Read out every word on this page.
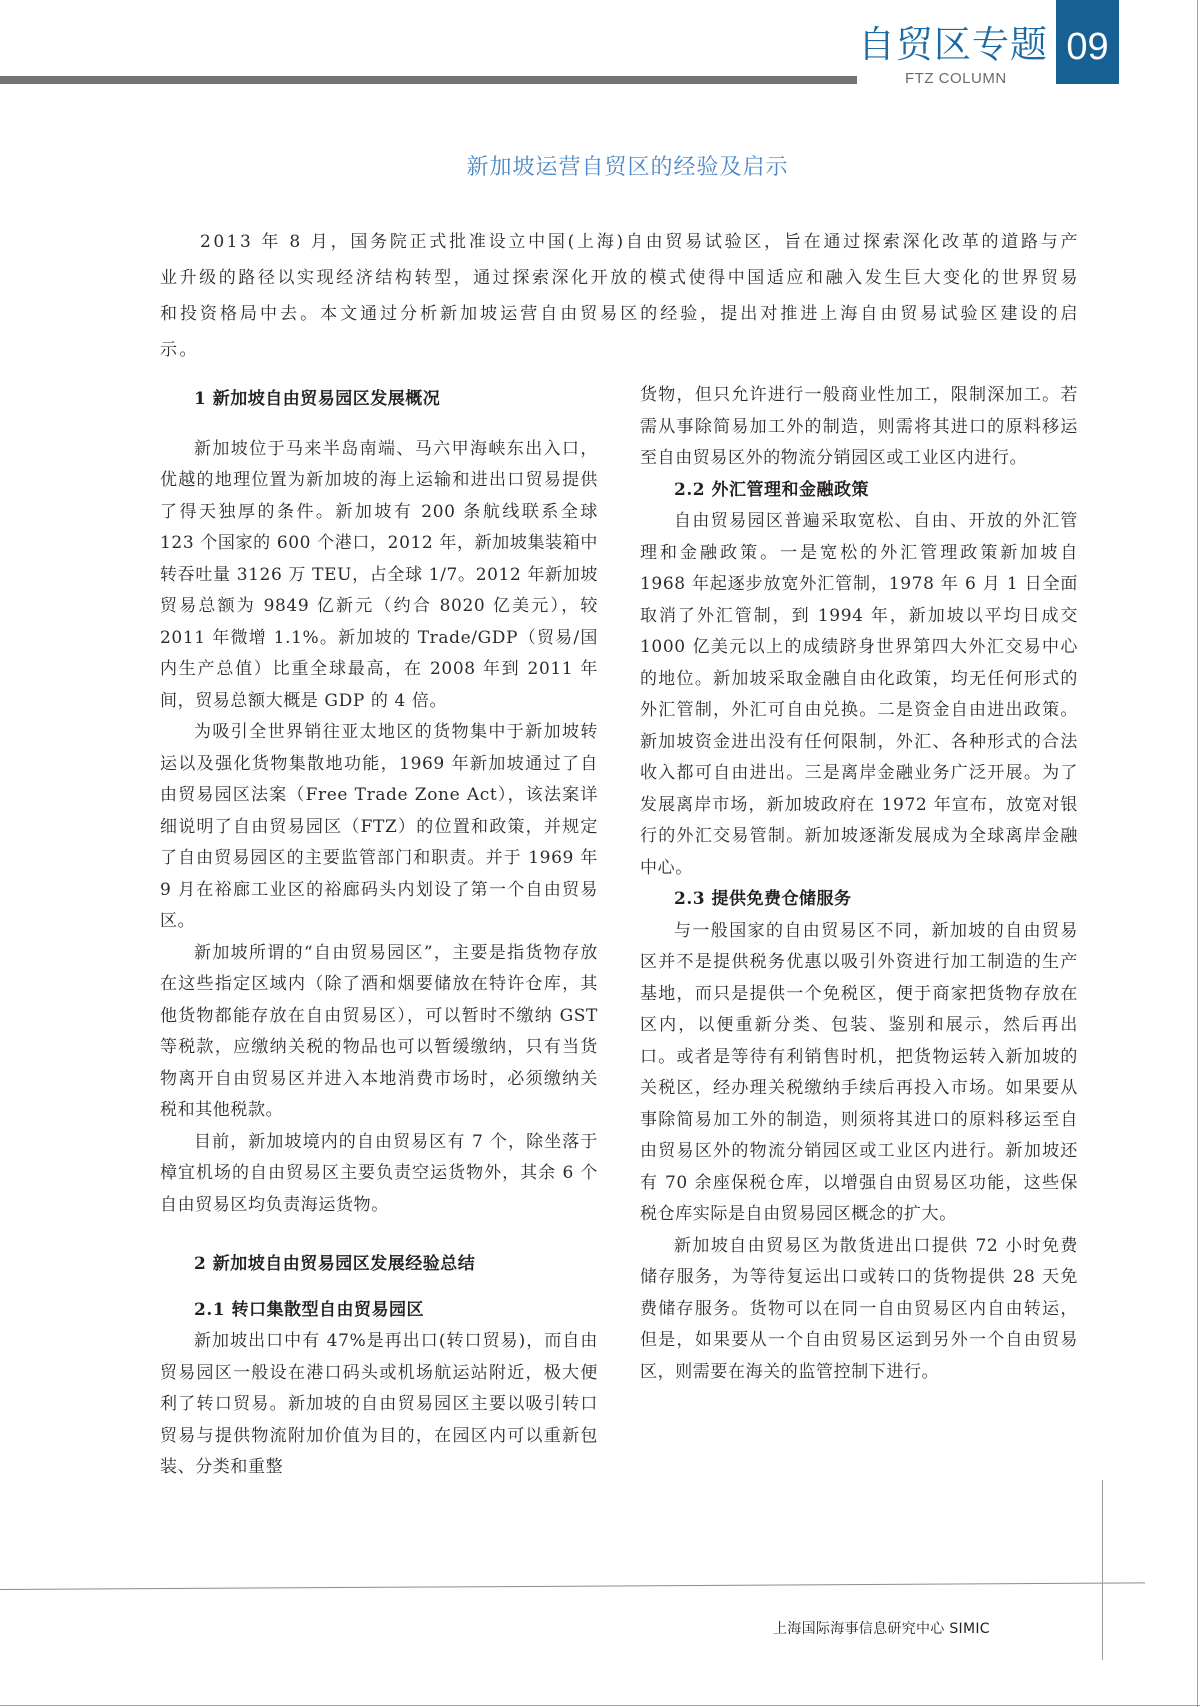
自贸区专题
FTZ COLUMN
09
新加坡运营自贸区的经验及启示
2013 年 8 月，国务院正式批准设立中国(上海)自由贸易试验区，旨在通过探索深化改革的道路与产业升级的路径以实现经济结构转型，通过探索深化开放的模式使得中国适应和融入发生巨大变化的世界贸易和投资格局中去。本文通过分析新加坡运营自由贸易区的经验，提出对推进上海自由贸易试验区建设的启示。
1 新加坡自由贸易园区发展概况

新加坡位于马来半岛南端、马六甲海峡东出入口，优越的地理位置为新加坡的海上运输和进出口贸易提供了得天独厚的条件。新加坡有 200 条航线联系全球 123 个国家的 600 个港口，2012 年，新加坡集装箱中转吞吐量 3126 万 TEU，占全球 1/7。2012 年新加坡贸易总额为 9849 亿新元（约合 8020 亿美元），较 2011 年微增 1.1%。新加坡的 Trade/GDP（贸易/国内生产总值）比重全球最高，在 2008 年到 2011 年间，贸易总额大概是 GDP 的 4 倍。

为吸引全世界销往亚太地区的货物集中于新加坡转运以及强化货物集散地功能，1969 年新加坡通过了自由贸易园区法案（Free Trade Zone Act），该法案详细说明了自由贸易园区（FTZ）的位置和政策，并规定了自由贸易园区的主要监管部门和职责。并于 1969 年 9 月在裕廊工业区的裕廊码头内划设了第一个自由贸易区。

新加坡所谓的“自由贸易园区”，主要是指货物存放在这些指定区域内（除了酒和烟要储放在特许仓库，其他货物都能存放在自由贸易区），可以暂时不缴纳 GST 等税款，应缴纳关税的物品也可以暂缓缴纳，只有当货物离开自由贸易区并进入本地消费市场时，必须缴纳关税和其他税款。

目前，新加坡境内的自由贸易区有 7 个，除坐落于樟宜机场的自由贸易区主要负责空运货物外，其余 6 个自由贸易区均负责海运货物。

2 新加坡自由贸易园区发展经验总结
2.1 转口集散型自由贸易园区

新加坡出口中有 47%是再出口(转口贸易)，而自由贸易园区一般设在港口码头或机场航运站附近，极大便利了转口贸易。新加坡的自由贸易园区主要以吸引转口贸易与提供物流附加价值为目的，在园区内可以重新包装、分类和重整

货物，但只允许进行一般商业性加工，限制深加工。若需从事除简易加工外的制造，则需将其进口的原料移运至自由贸易区外的物流分销园区或工业区内进行。

2.2 外汇管理和金融政策

自由贸易园区普遍采取宽松、自由、开放的外汇管理和金融政策。一是宽松的外汇管理政策新加坡自 1968 年起逐步放宽外汇管制，1978 年 6 月 1 日全面取消了外汇管制，到 1994 年，新加坡以平均日成交 1000 亿美元以上的成绩跻身世界第四大外汇交易中心的地位。新加坡采取金融自由化政策，均无任何形式的外汇管制，外汇可自由兑换。二是资金自由进出政策。新加坡资金进出没有任何限制，外汇、各种形式的合法收入都可自由进出。三是离岸金融业务广泛开展。为了发展离岸市场，新加坡政府在 1972 年宣布，放宽对银行的外汇交易管制。新加坡逐渐发展成为全球离岸金融中心。

2.3 提供免费仓储服务

与一般国家的自由贸易区不同，新加坡的自由贸易区并不是提供税务优惠以吸引外资进行加工制造的生产基地，而只是提供一个免税区，便于商家把货物存放在区内，以便重新分类、包装、鉴别和展示，然后再出口。或者是等待有利销售时机，把货物运转入新加坡的关税区，经办理关税缴纳手续后再投入市场。如果要从事除简易加工外的制造，则须将其进口的原料移运至自由贸易区外的物流分销园区或工业区内进行。新加坡还有 70 余座保税仓库，以增强自由贸易区功能，这些保税仓库实际是自由贸易园区概念的扩大。

新加坡自由贸易区为散货进出口提供 72 小时免费储存服务，为等待复运出口或转口的货物提供 28 天免费储存服务。货物可以在同一自由贸易区内自由转运，但是，如果要从一个自由贸易区运到另外一个自由贸易区，则需要在海关的监管控制下进行。

上海国际海事信息研究中心 SIMIC
